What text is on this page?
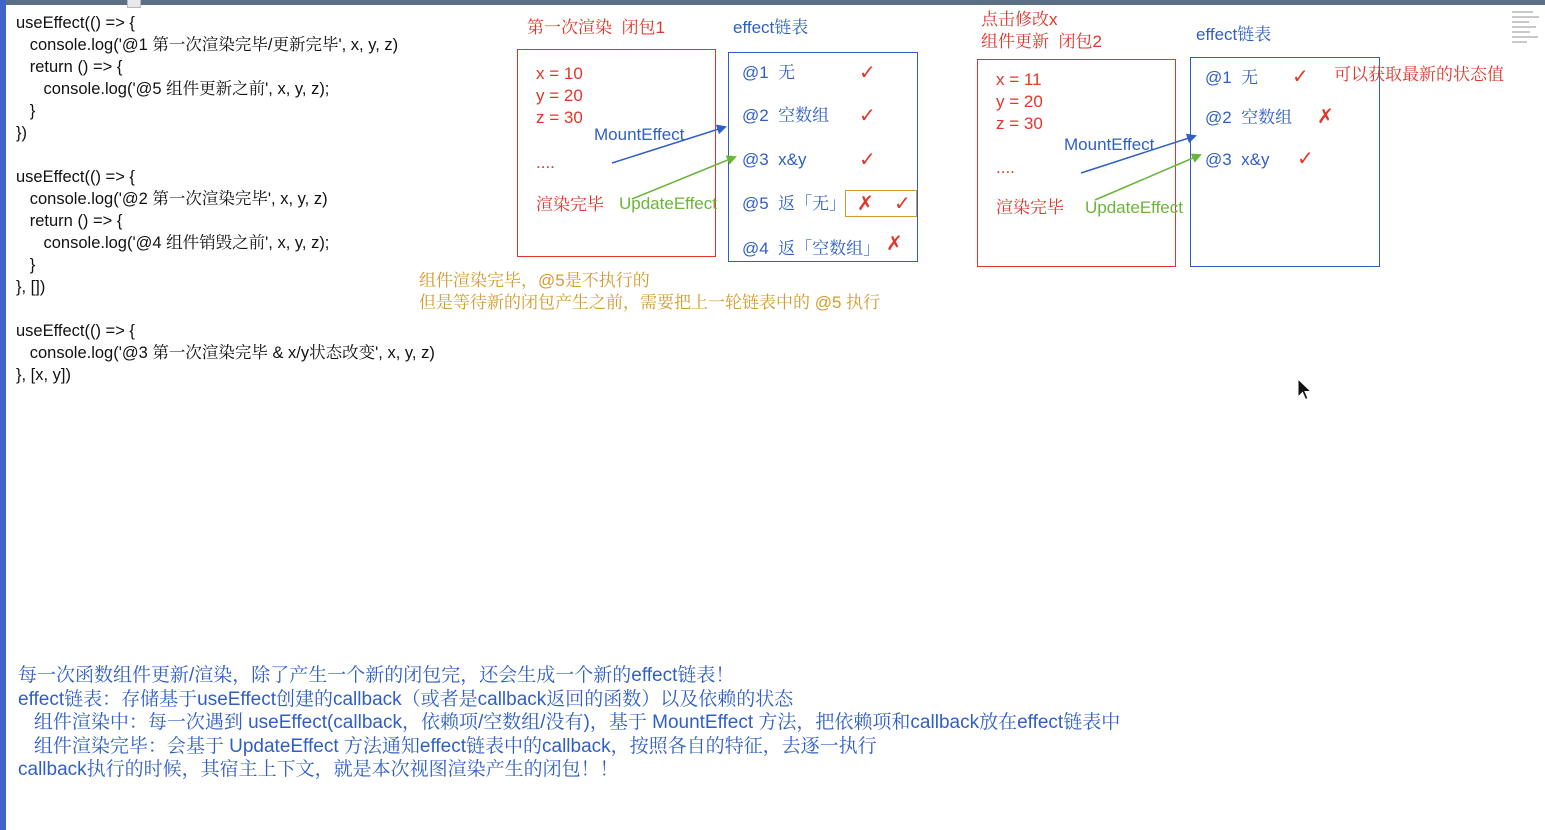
useEffect(() => {
console.log('@1 第一次渲染完毕/更新完毕', x, y, z)
return () => {
console.log('@5 组件更新之前', x, y, z);
}
})

useEffect(() => {
console.log('@2 第一次渲染完毕', x, y, z)
return () => {
console.log('@4 组件销毁之前', x, y, z);
}
}, [])

useEffect(() => {
console.log('@3 第一次渲染完毕 & x/y状态改变', x, y, z)
}, [x, y])
第一次渲染  闭包1
x = 10
y = 20
z = 30
....
渲染完毕
MountEffect
UpdateEffect
effect链表
@1  无
@2  空数组
@3  x&y
@5  返「无」
@4  返「空数组」
组件渲染完毕，@5是不执行的
但是等待新的闭包产生之前，需要把上一轮链表中的 @5 执行
点击修改x
组件更新  闭包2
x = 11
y = 20
z = 30
....
渲染完毕
MountEffect
UpdateEffect
effect链表
@1  无
@2  空数组
@3  x&y
可以获取最新的状态值
✓
✓
✓
✗ ✓
✗
✓
✗
✓
每一次函数组件更新/渲染，除了产生一个新的闭包完，还会生成一个新的effect链表！
effect链表：存储基于useEffect创建的callback（或者是callback返回的函数）以及依赖的状态
组件渲染中：每一次遇到 useEffect(callback，依赖项/空数组/没有)，基于 MountEffect 方法，把依赖项和callback放在effect链表中
组件渲染完毕：会基于 UpdateEffect 方法通知effect链表中的callback，按照各自的特征，去逐一执行
callback执行的时候，其宿主上下文，就是本次视图渲染产生的闭包！！
